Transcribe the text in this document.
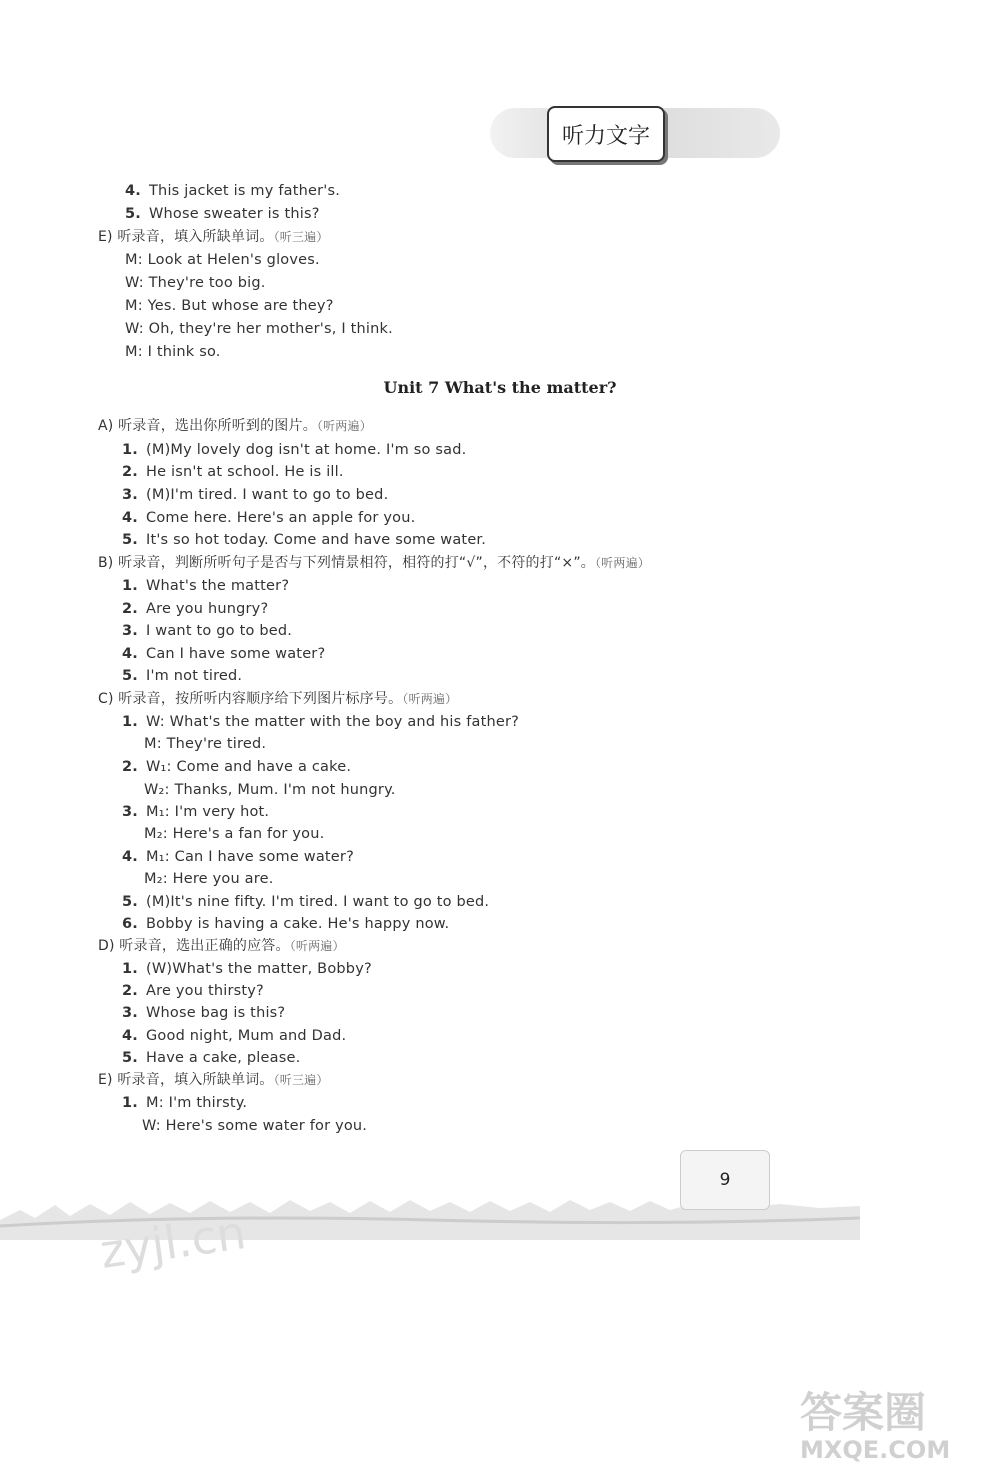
听力文字
4. This jacket is my father's.
5. Whose sweater is this?
E) 听录音，填入所缺单词。（听三遍）
M: Look at Helen's gloves.
W: They're too big.
M: Yes. But whose are they?
W: Oh, they're her mother's, I think.
M: I think so.
Unit 7 What's the matter?
A) 听录音，选出你所听到的图片。（听两遍）
1. (M)My lovely dog isn't at home. I'm so sad.
2. He isn't at school. He is ill.
3. (M)I'm tired. I want to go to bed.
4. Come here. Here's an apple for you.
5. It's so hot today. Come and have some water.
B) 听录音，判断所听句子是否与下列情景相符，相符的打“√”，不符的打“×”。（听两遍）
1. What's the matter?
2. Are you hungry?
3. I want to go to bed.
4. Can I have some water?
5. I'm not tired.
C) 听录音，按所听内容顺序给下列图片标序号。（听两遍）
1. W: What's the matter with the boy and his father?
M: They're tired.
2. W₁: Come and have a cake.
W₂: Thanks, Mum. I'm not hungry.
3. M₁: I'm very hot.
M₂: Here's a fan for you.
4. M₁: Can I have some water?
M₂: Here you are.
5. (M)It's nine fifty. I'm tired. I want to go to bed.
6. Bobby is having a cake. He's happy now.
D) 听录音，选出正确的应答。（听两遍）
1. (W)What's the matter, Bobby?
2. Are you thirsty?
3. Whose bag is this?
4. Good night, Mum and Dad.
5. Have a cake, please.
E) 听录音，填入所缺单词。（听三遍）
1. M: I'm thirsty.
W: Here's some water for you.
9
zyjl.cn
答案圈
MXQE.COM
